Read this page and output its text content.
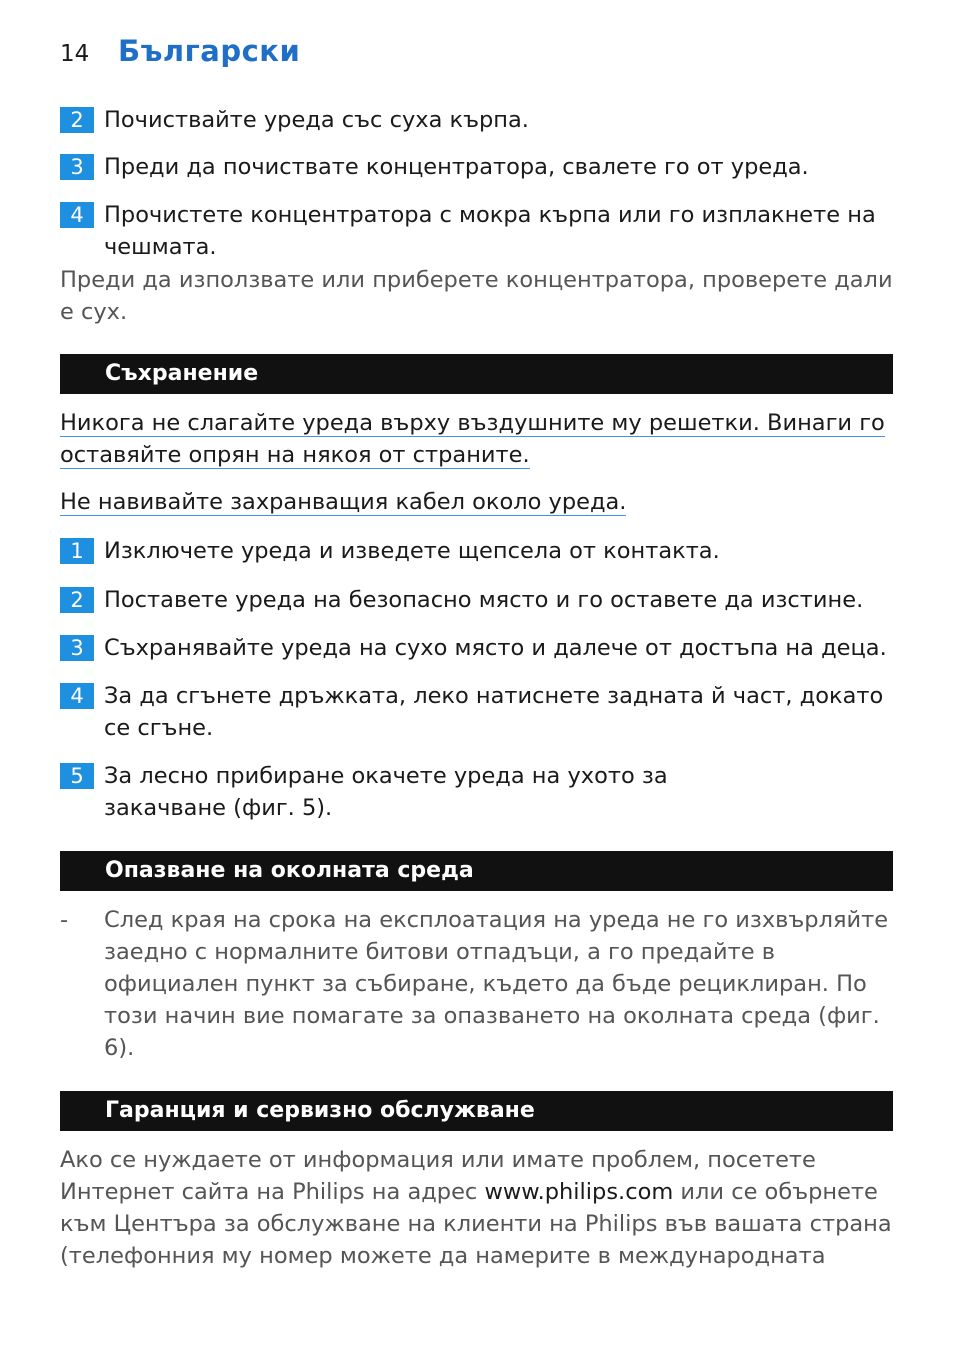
14 Български
2 Почиствайте уреда със суха кърпа.
3 Преди да почиствате концентратора, свалете го от уреда.
4 Прочистете концентратора с мокра кърпа или го изплакнете на чешмата.
Преди да използвате или приберете концентратора, проверете дали е сух.
Съхранение
Никога не слагайте уреда върху въздушните му решетки. Винаги го оставяйте опрян на някоя от страните.
Не навивайте захранващия кабел около уреда.
1 Изключете уреда и изведете щепсела от контакта.
2 Поставете уреда на безопасно място и го оставете да изстине.
3 Съхранявайте уреда на сухо място и далече от достъпа на деца.
4 За да сгънете дръжката, леко натиснете задната й част, докато се сгъне.
5 За лесно прибиране окачете уреда на ухото за закачване (фиг. 5).
Опазване на околната среда
- След края на срока на експлоатация на уреда не го изхвърляйте заедно с нормалните битови отпадъци, а го предайте в официален пункт за събиране, където да бъде рециклиран. По този начин вие помагате за опазването на околната среда (фиг. 6).
Гаранция и сервизно обслужване
Ако се нуждаете от информация или имате проблем, посетете Интернет сайта на Philips на адрес www.philips.com или се обърнете към Центъра за обслужване на клиенти на Philips във вашата страна (телефонния му номер можете да намерите в международната
